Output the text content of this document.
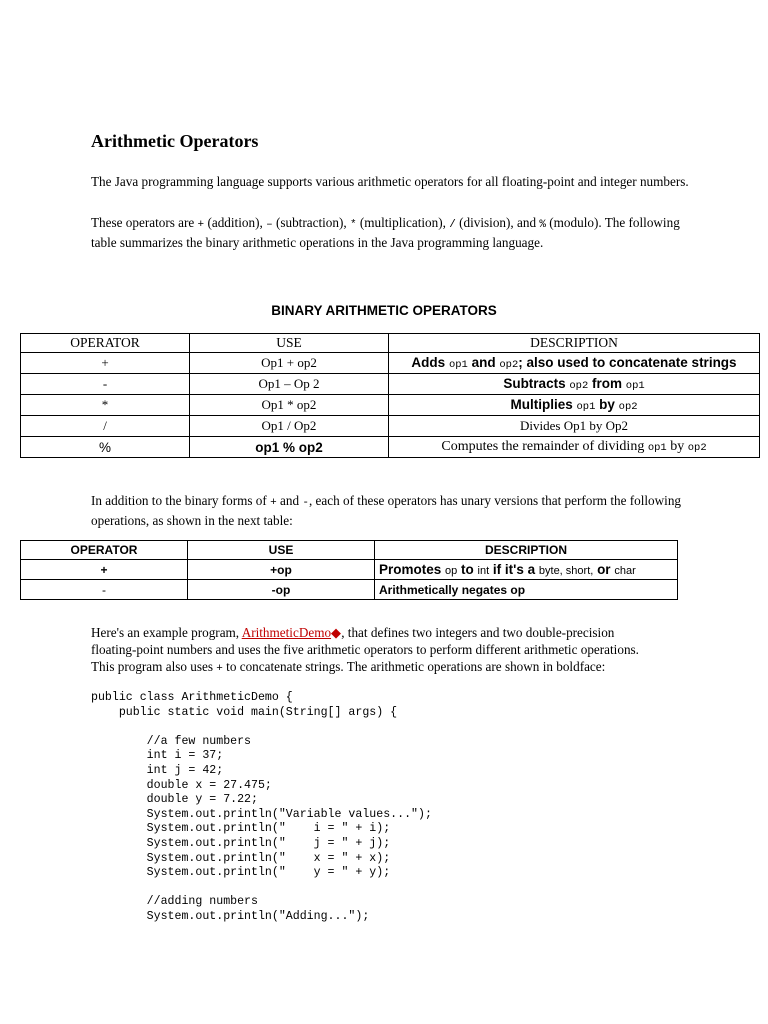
Arithmetic Operators

The Java programming language supports various arithmetic operators for all floating-point and integer numbers.

These operators are + (addition), – (subtraction), * (multiplication), / (division), and % (modulo). The following table summarizes the binary arithmetic operations in the Java programming language.

BINARY ARITHMETIC OPERATORS
OPERATOR	USE	DESCRIPTION
+	Op1 + op2	Adds op1 and op2; also used to concatenate strings
-	Op1 – Op 2	Subtracts op2 from op1
*	Op1 * op2	Multiplies op1 by op2
/	Op1 / Op2	Divides Op1 by Op2
%	op1 % op2	Computes the remainder of dividing op1 by op2

In addition to the binary forms of + and -, each of these operators has unary versions that perform the following operations, as shown in the next table:

OPERATOR	USE	DESCRIPTION
+	+op	Promotes op to int if it's a byte, short, or char
-	-op	Arithmetically negates op

Here's an example program, ArithmeticDemo◆, that defines two integers and two double-precision floating-point numbers and uses the five arithmetic operators to perform different arithmetic operations. This program also uses + to concatenate strings. The arithmetic operations are shown in boldface:

public class ArithmeticDemo {
public static void main(String[] args) {

//a few numbers
int i = 37;
int j = 42;
double x = 27.475;
double y = 7.22;
System.out.println("Variable values...");
System.out.println("    i = " + i);
System.out.println("    j = " + j);
System.out.println("    x = " + x);
System.out.println("    y = " + y);

//adding numbers
System.out.println("Adding...");
